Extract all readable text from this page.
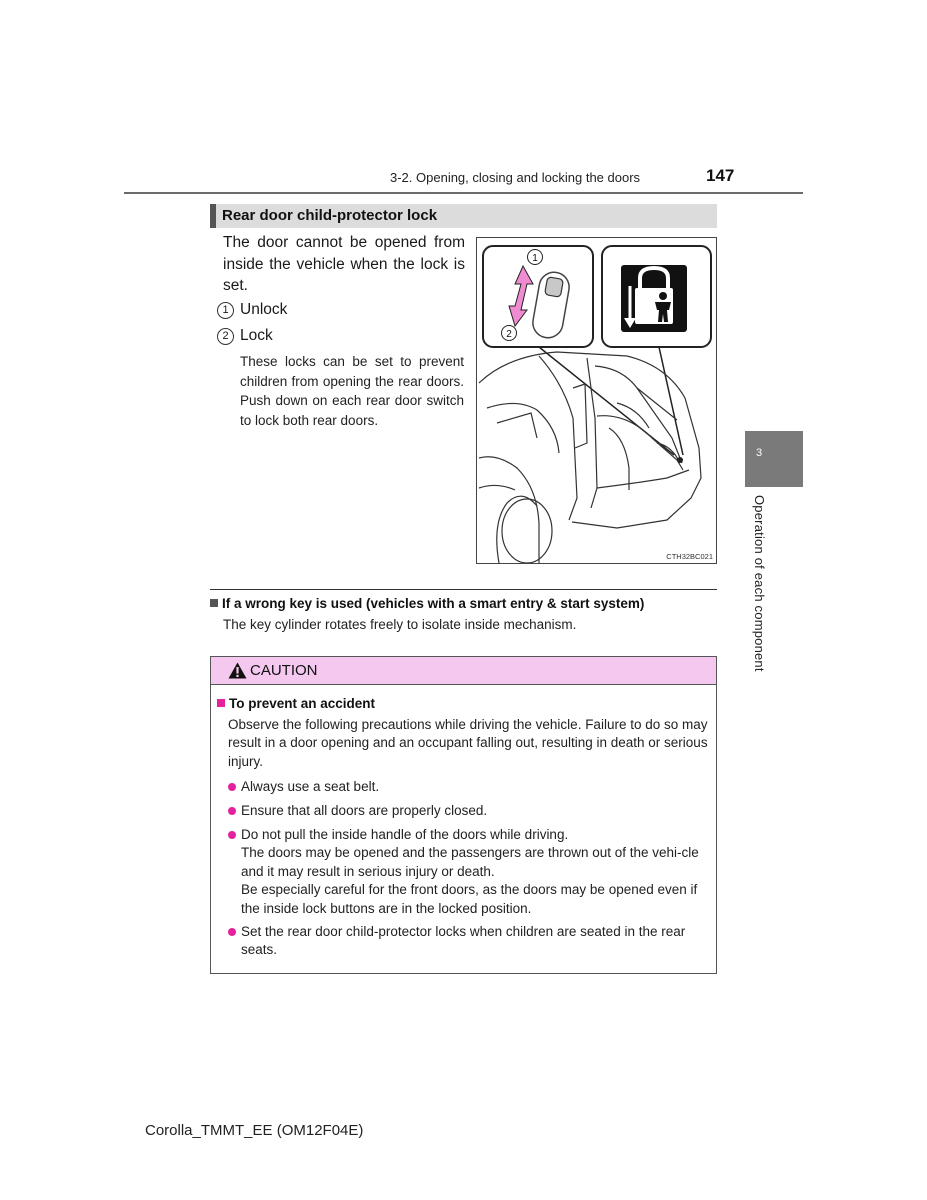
3-2. Opening, closing and locking the doors	147
3
Operation of each component
Rear door child-protector lock
The door cannot be opened from inside the vehicle when the lock is set.
1 Unlock
2 Lock
These locks can be set to prevent children from opening the rear doors. Push down on each rear door switch to lock both rear doors.
1
2
CTH32BC021
If a wrong key is used (vehicles with a smart entry & start system)
The key cylinder rotates freely to isolate inside mechanism.
CAUTION
To prevent an accident
Observe the following precautions while driving the vehicle. Failure to do so may result in a door opening and an occupant falling out, resulting in death or serious injury.
Always use a seat belt.
Ensure that all doors are properly closed.
Do not pull the inside handle of the doors while driving.
The doors may be opened and the passengers are thrown out of the vehi-cle and it may result in serious injury or death.
Be especially careful for the front doors, as the doors may be opened even if the inside lock buttons are in the locked position.
Set the rear door child-protector locks when children are seated in the rear seats.
Corolla_TMMT_EE (OM12F04E)
